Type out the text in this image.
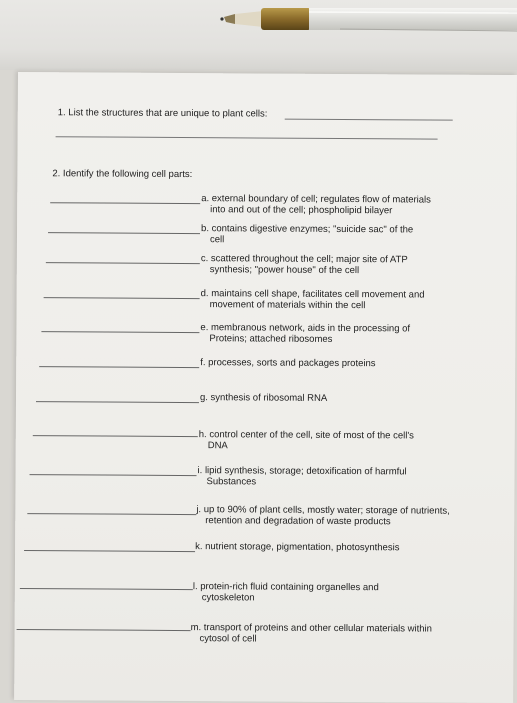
1. List the structures that are unique to plant cells:
2. Identify the following cell parts:
a. external boundary of cell; regulates flow of materials
into and out of the cell; phospholipid bilayer
b. contains digestive enzymes; "suicide sac" of the
cell
c. scattered throughout the cell; major site of ATP
synthesis; "power house" of the cell
d. maintains cell shape, facilitates cell movement and
movement of materials within the cell
e. membranous network, aids in the processing of
Proteins; attached ribosomes
f. processes, sorts and packages proteins
g. synthesis of ribosomal RNA
h. control center of the cell, site of most of the cell's
DNA
i. lipid synthesis, storage; detoxification of harmful
Substances
j. up to 90% of plant cells, mostly water; storage of nutrients,
retention and degradation of waste products
k. nutrient storage, pigmentation, photosynthesis
l. protein-rich fluid containing organelles and
cytoskeleton
m. transport of proteins and other cellular materials within
cytosol of cell
